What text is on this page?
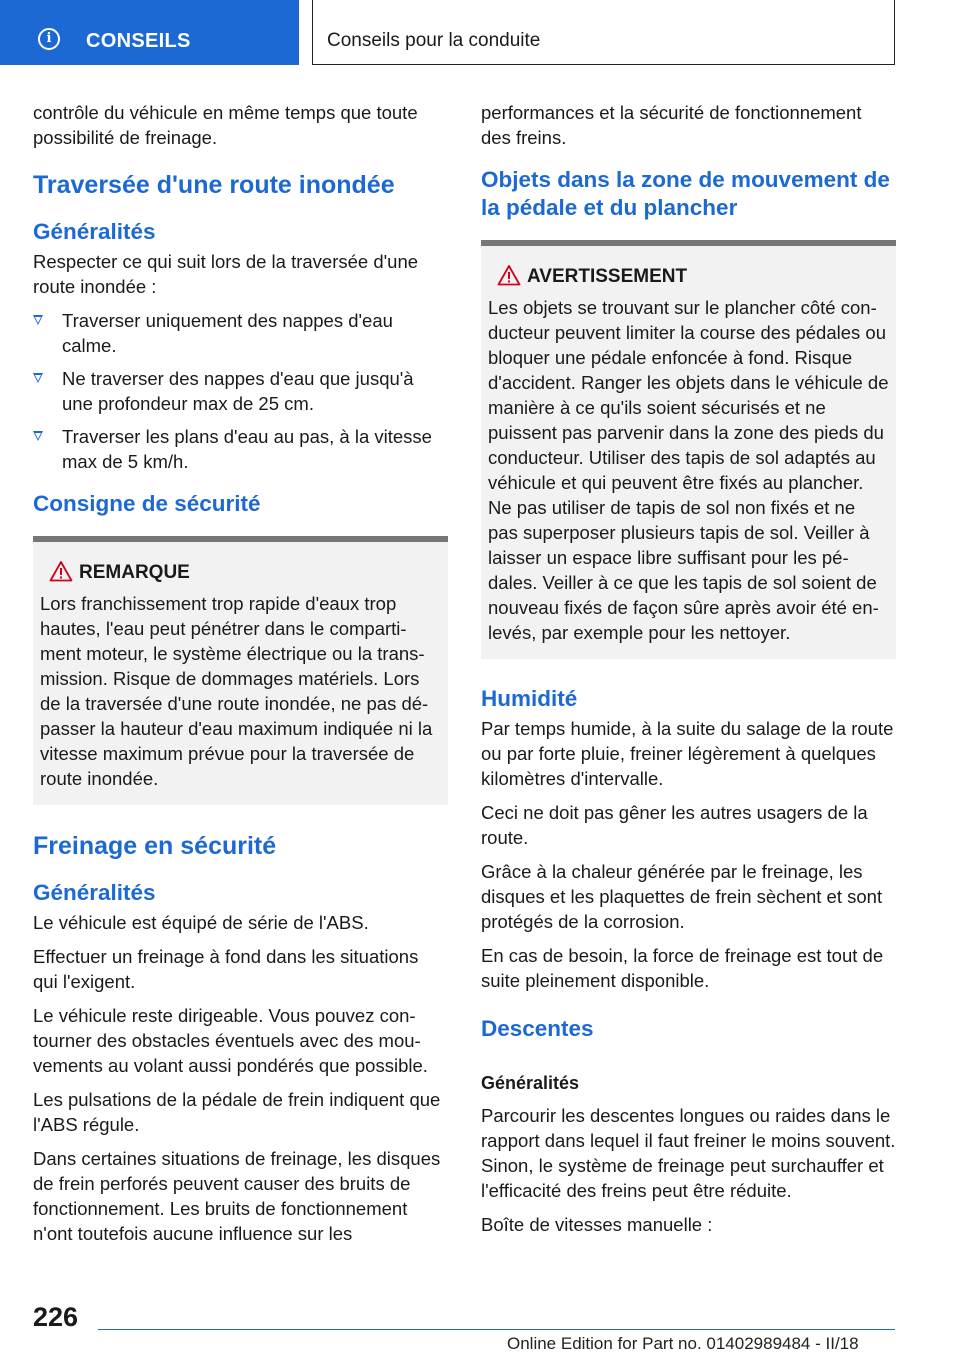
i	CONSEILS	Conseils pour la conduite

contrôle du véhicule en même temps que toute possibilité de freinage.

Traversée d'une route inondée
Généralités

Respecter ce qui suit lors de la traversée d'une route inondée :

Traverser uniquement des nappes d'eau calme.
Ne traverser des nappes d'eau que jusqu'à une profondeur max de 25 cm.
Traverser les plans d'eau au pas, à la vitesse max de 5 km/h.
Consigne de sécurité
REMARQUE

Lors franchissement trop rapide d'eaux trop hautes, l'eau peut pénétrer dans le compartiment moteur, le système électrique ou la transmission. Risque de dommages matériels. Lors de la traversée d'une route inondée, ne pas dépasser la hauteur d'eau maximum indiquée ni la vitesse maximum prévue pour la traversée de route inondée.

Freinage en sécurité
Généralités

Le véhicule est équipé de série de l'ABS.

Effectuer un freinage à fond dans les situations qui l'exigent.

Le véhicule reste dirigeable. Vous pouvez contourner des obstacles éventuels avec des mouvements au volant aussi pondérés que possible.

Les pulsations de la pédale de frein indiquent que l'ABS régule.

Dans certaines situations de freinage, les disques de frein perforés peuvent causer des bruits de fonctionnement. Les bruits de fonctionnement n'ont toutefois aucune influence sur les

performances et la sécurité de fonctionnement des freins.

Objets dans la zone de mouvement de la pédale et du plancher
AVERTISSEMENT

Les objets se trouvant sur le plancher côté conducteur peuvent limiter la course des pédales ou bloquer une pédale enfoncée à fond. Risque d'accident. Ranger les objets dans le véhicule de manière à ce qu'ils soient sécurisés et ne puissent pas parvenir dans la zone des pieds du conducteur. Utiliser des tapis de sol adaptés au véhicule et qui peuvent être fixés au plancher. Ne pas utiliser de tapis de sol non fixés et ne pas superposer plusieurs tapis de sol. Veiller à laisser un espace libre suffisant pour les pédales. Veiller à ce que les tapis de sol soient de nouveau fixés de façon sûre après avoir été enlevés, par exemple pour les nettoyer.

Humidité

Par temps humide, à la suite du salage de la route ou par forte pluie, freiner légèrement à quelques kilomètres d'intervalle.

Ceci ne doit pas gêner les autres usagers de la route.

Grâce à la chaleur générée par le freinage, les disques et les plaquettes de frein sèchent et sont protégés de la corrosion.

En cas de besoin, la force de freinage est tout de suite pleinement disponible.

Descentes
Généralités

Parcourir les descentes longues ou raides dans le rapport dans lequel il faut freiner le moins souvent. Sinon, le système de freinage peut surchauffer et l'efficacité des freins peut être réduite.

Boîte de vitesses manuelle :

226
Online Edition for Part no. 01402989484 - II/18
